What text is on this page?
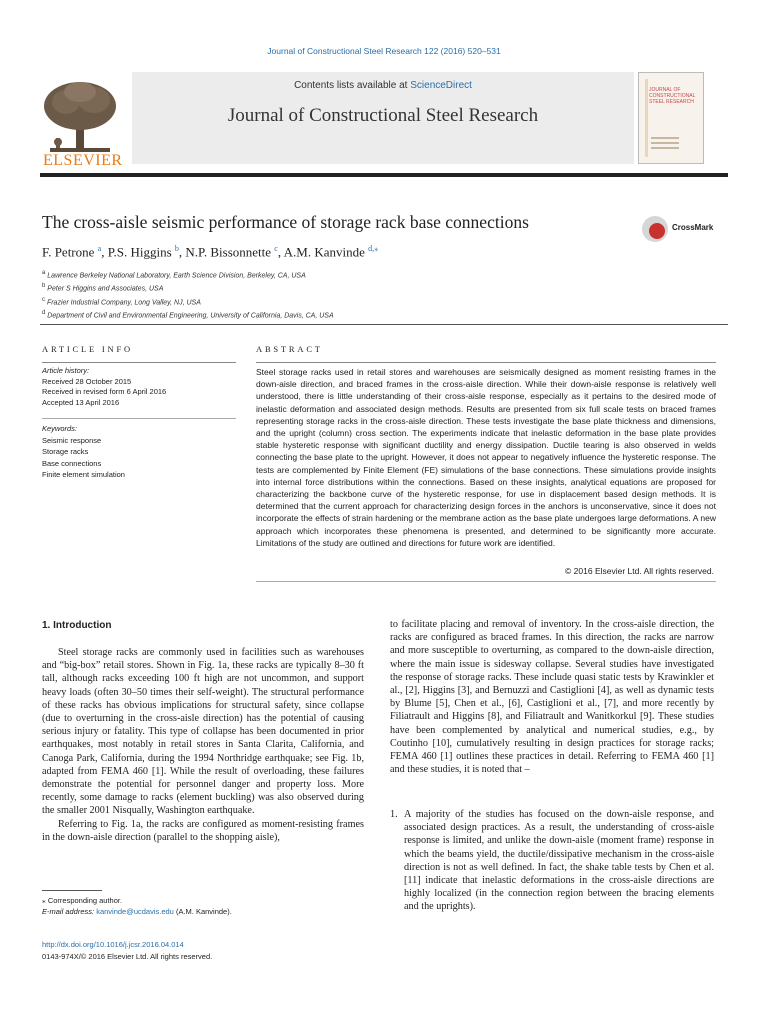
Journal of Constructional Steel Research 122 (2016) 520–531
ELSEVIER
Contents lists available at ScienceDirect
Journal of Constructional Steel Research
JOURNAL OF
CONSTRUCTIONAL
STEEL RESEARCH
The cross-aisle seismic performance of storage rack base connections	CrossMark
F. Petrone $^a$, P.S. Higgins $^b$, N.P. Bissonnette $^c$, A.M. Kanvinde $^{d,⁎}$
$^a$ Lawrence Berkeley National Laboratory, Earth Science Division, Berkeley, CA, USA
$^b$ Peter S Higgins and Associates, USA
$^c$ Frazier Industrial Company, Long Valley, NJ, USA
$^d$ Department of Civil and Environmental Engineering, University of California, Davis, CA, USA
ARTICLE INFO
Article history:
Received 28 October 2015
Received in revised form 6 April 2016
Accepted 13 April 2016
Keywords:
Seismic response
Storage racks
Base connections
Finite element simulation
ABSTRACT
Steel storage racks used in retail stores and warehouses are seismically designed as moment resisting frames in the down-aisle direction, and braced frames in the cross-aisle direction. While their down-aisle response is relatively well understood, there is little understanding of their cross-aisle response, especially as it pertains to the desired mode of inelastic deformation and associated design methods. Results are presented from six full scale tests on braced frames representing storage racks in the cross-aisle direction. These tests investigate the base plate thickness and dimensions, and the upright (column) cross section. The experiments indicate that inelastic deformation in the base plate provides stable hysteretic response with significant ductility and energy dissipation. Ductile tearing is also observed in welds connecting the base plate to the upright. However, it does not appear to negatively influence the hysteretic response. The tests are complemented by Finite Element (FE) simulations of the base connections. These simulations provide insights into internal force distributions within the connections. Based on these insights, analytical equations are proposed for characterizing the backbone curve of the hysteretic response, for use in displacement based design methods. It is determined that the current approach for characterizing design forces in the anchors is unconservative, since it does not incorporate the effects of strain hardening or the membrane action as the base plate undergoes large deformations. A new approach which incorporates these phenomena is presented, and determined to be significantly more accurate. Limitations of the study are outlined and directions for future work are identified.
© 2016 Elsevier Ltd. All rights reserved.
1. Introduction

Steel storage racks are commonly used in facilities such as warehouses and “big-box” retail stores. Shown in Fig. 1a, these racks are typically 8–30 ft tall, although racks exceeding 100 ft high are not uncommon, and support heavy loads (often 30–50 times their self-weight). The structural performance of these racks has obvious implications for structural safety, since collapse (due to overturning in the cross-aisle direction) has the potential of causing serious injury or fatality. This type of collapse has been documented in prior earthquakes, most notably in retail stores in Santa Clarita, California, and Canoga Park, California, during the 1994 Northridge earthquake; see Fig. 1b, adapted from FEMA 460 [1]. While the result of overloading, these failures demonstrate the potential for personnel danger and property loss. More recently, some damage to racks (element buckling) was also observed during the smaller 2001 Nisqually, Washington earthquake.

Referring to Fig. 1a, the racks are configured as moment-resisting frames in the down-aisle direction (parallel to the shopping aisle),

to facilitate placing and removal of inventory. In the cross-aisle direction, the racks are configured as braced frames. In this direction, the racks are narrow and more susceptible to overturning, as compared to the down-aisle direction, where the main issue is sidesway collapse. Several studies have investigated the response of storage racks. These include quasi static tests by Krawinkler et al., [2], Higgins [3], and Bernuzzi and Castiglioni [4], as well as dynamic tests by Blume [5], Chen et al., [6], Castiglioni et al., [7], and more recently by Filiatrault and Higgins [8], and Filiatrault and Wanitkorkul [9]. These studies have been complemented by analytical and numerical studies, e.g., by Coutinho [10], cumulatively resulting in design practices for storage racks; FEMA 460 [1] outlines these practices in detail. Referring to FEMA 460 [1] and these studies, it is noted that –

1. A majority of the studies has focused on the down-aisle response, and associated design practices. As a result, the understanding of cross-aisle response is limited, and unlike the down-aisle (moment frame) response in which the beams yield, the ductile/dissipative mechanism in the cross-aisle direction is not as well defined. In fact, the shake table tests by Chen et al. [11] indicate that inelastic deformations in the cross-aisle directions are highly localized (in the connection region between the bracing elements and the uprights).
⁎ Corresponding author.
E-mail address: kanvinde@ucdavis.edu (A.M. Kanvinde).
http://dx.doi.org/10.1016/j.jcsr.2016.04.014
0143-974X/© 2016 Elsevier Ltd. All rights reserved.
